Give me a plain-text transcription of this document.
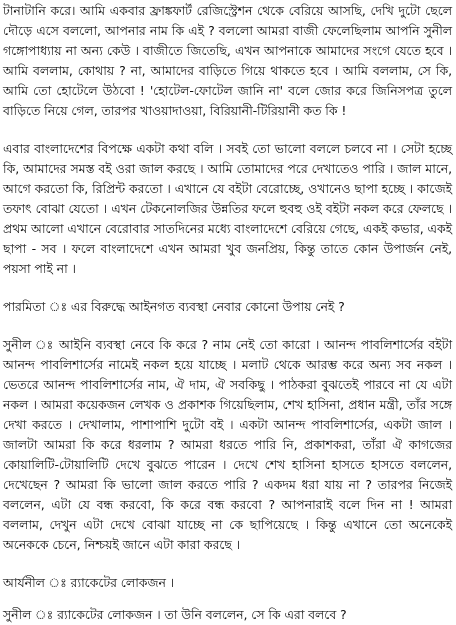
টানাটানি করে। আমি একবার ফ্রাঙ্কফার্ট রেজিস্ট্রেশন থেকে বেরিয়ে আসছি, দেখি দুটো ছেলে দৌড়ে এসে বললো, আপনার নাম কি এই ? বললো আমরা বাজী ফেলেছিলাম আপনি সুনীল গঙ্গোপাধ্যায় না অন্য কেউ । বাজীতে জিতেছি, এখন আপনাকে আমাদের সংগে যেতে হবে । আমি বললাম, কোথায় ? না, আমাদের বাড়িতে গিয়ে থাকতে হবে । আমি বললাম, সে কি, আমি তো হোটেলে উঠবো ! 'হোটেল-ফোটেল জানি না' বলে জোর করে জিনিসপত্র তুলে বাড়িতে নিয়ে গেল, তারপর খাওয়াদাওয়া, বিরিয়ানী-টিরিয়ানী কত কি !

এবার বাংলাদেশের বিপক্ষে একটা কথা বলি । সবই তো ভালো বললে চলবে না । সেটা হচ্ছে কি, আমাদের সমস্ত বই ওরা জাল করছে । আমি তোমাদের পরে দেখাতেও পারি । জাল মানে, আগে করতো কি, রিপ্রিন্ট করতো । এখানে যে বইটা বেরোচ্ছে, ওখানেও ছাপা হচ্ছে । কাজেই তফাৎ বোঝা যেতো । এখন টেকনোলজির উন্নতির ফলে হুবহু ওই বইটা নকল করে ফেলছে । প্রথম আলো এখানে বেরোবার সাতদিনের মধ্যে বাংলাদেশে বেরিয়ে গেছে, একই কভার, একই ছাপা - সব । ফলে বাংলাদেশে এখন আমরা খুব জনপ্রিয়, কিন্তু তাতে কোন উপার্জন নেই, পয়সা পাই না ।

পারমিতা ঃ এর বিরুদ্ধে আইনগত ব্যবস্থা নেবার কোনো উপায় নেই ?

সুনীল ঃ আইনি ব্যবস্থা নেবে কি করে ? নাম নেই তো কারো । আনন্দ পাবলিশার্সের বইটা আনন্দ পাবলিশার্সের নামেই নকল হয়ে যাচ্ছে । মলাট থেকে আরম্ভ করে অন্য সব নকল । ভেতরে আনন্দ পাবলিশার্সের নাম, ঐ দাম, ঐ সবকিছু । পাঠকরা বুঝতেই পারবে না যে এটা নকল । আমরা কয়েকজন লেখক ও প্রকাশক গিয়েছিলাম, শেখ হাসিনা, প্রধান মন্ত্রী, তাঁর সঙ্গে দেখা করতে । দেখালাম, পাশাপাশি দুটো বই । একটা আনন্দ পাবলিশার্সের, একটা জাল । জালটা আমরা কি করে ধরলাম ? আমরা ধরতে পারি নি, প্রকাশকরা, তাঁরা ঐ কাগজের কোয়ালিটি-টোয়ালিটি দেখে বুঝতে পারেন । দেখে শেখ হাসিনা হাসতে হাসতে বললেন, দেখেছেন ? আমরা কি ভালো জাল করতে পারি ? একদম ধরা যায় না ? তারপর নিজেই বললেন, এটা যে বন্ধ করবো, কি করে বন্ধ করবো ? আপনারাই বলে দিন না ! আমরা বললাম, দেখুন এটা দেখে বোঝা যাচ্ছে না কে ছাপিয়েছে । কিন্তু এখানে তো অনেকেই অনেককে চেনে, নিশ্চয়ই জানে এটা কারা করছে ।

আর্যনীল ঃ র‍্যাকেটের লোকজন ।

সুনীল ঃ র‍্যাকেটের লোকজন । তা উনি বললেন, সে কি এরা বলবে ?
